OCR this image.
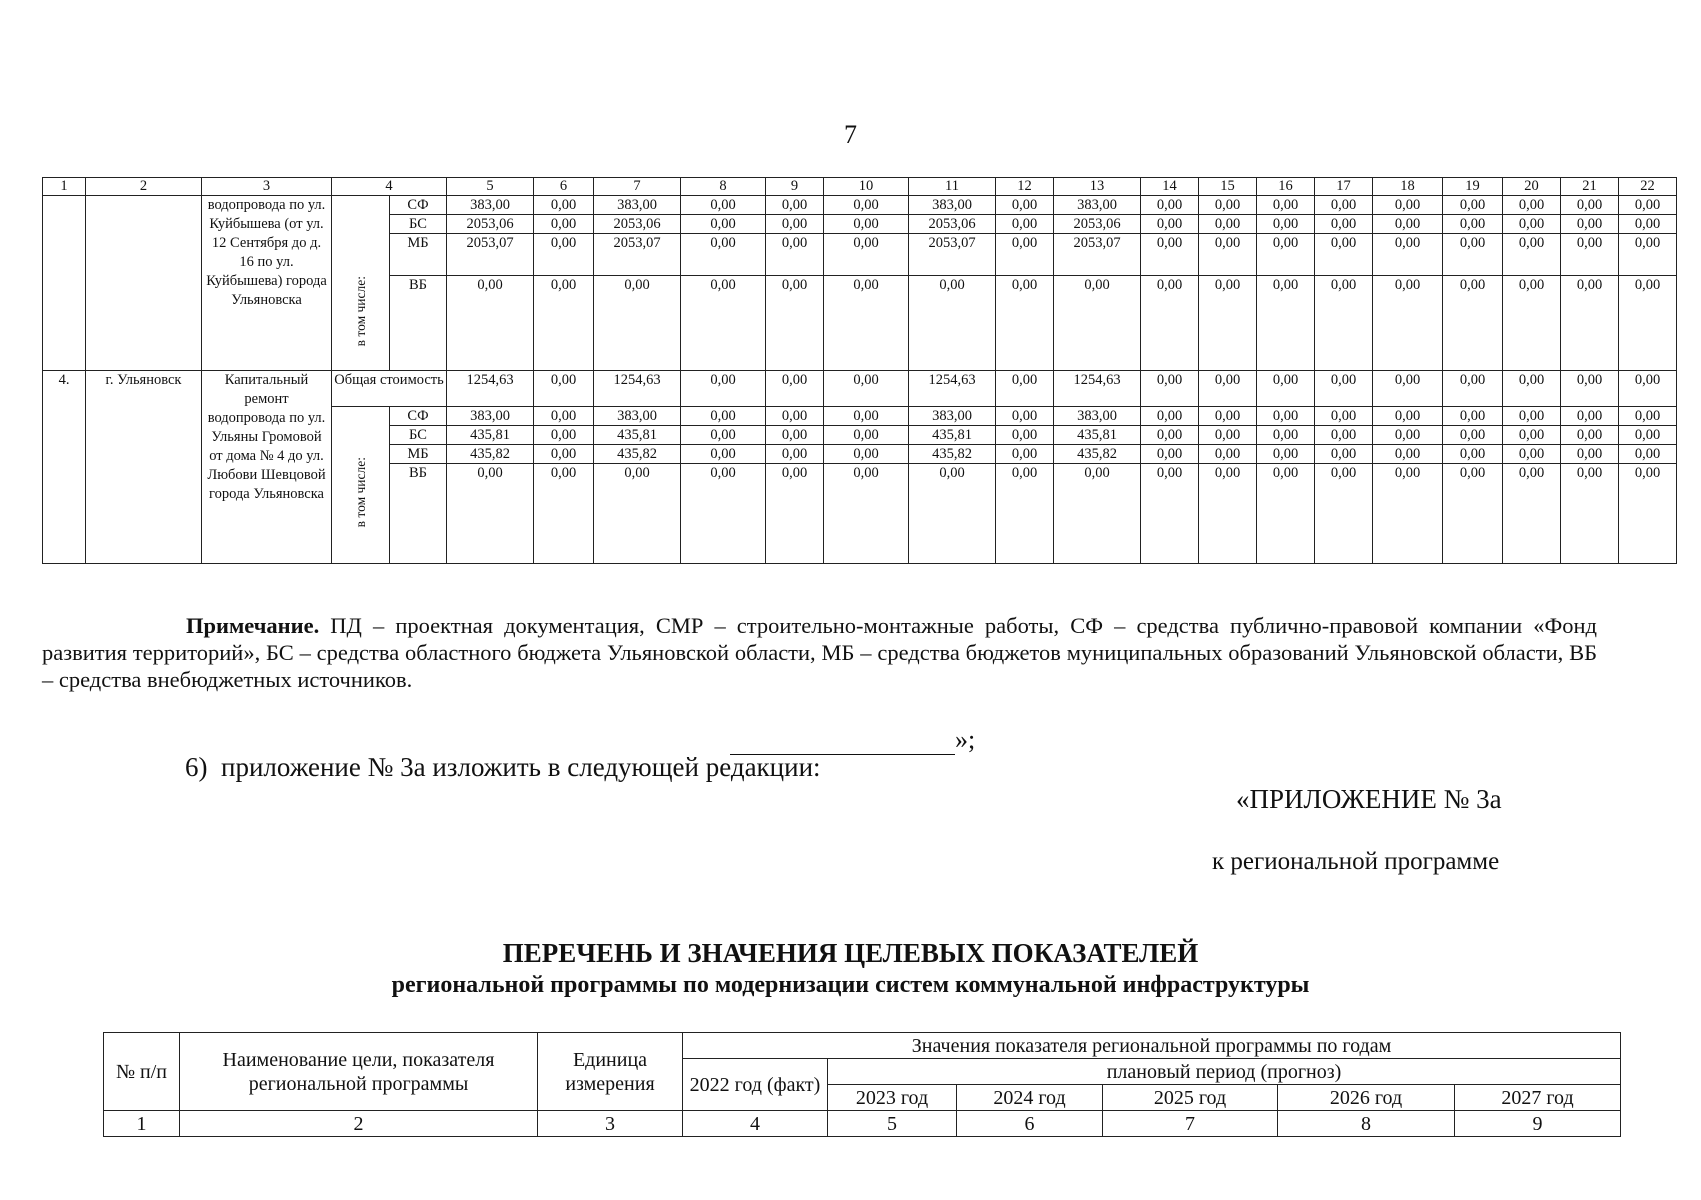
7
1	2	3	4		5	6	7	8	9	10	11	12	13	14	15	16	17	18	19	20	21	22
		водопровода по ул. Куйбышева (от ул. 12 Сентября до д. 16 по ул. Куйбышева) города Ульяновска	в том числе:	СФ	383,00	0,00	383,00	0,00	0,00	0,00	383,00	0,00	383,00	0,00	0,00	0,00	0,00	0,00	0,00	0,00	0,00	0,00
				БС	2053,06	0,00	2053,06	0,00	0,00	0,00	2053,06	0,00	2053,06	0,00	0,00	0,00	0,00	0,00	0,00	0,00	0,00	0,00
				МБ	2053,07	0,00	2053,07	0,00	0,00	0,00	2053,07	0,00	2053,07	0,00	0,00	0,00	0,00	0,00	0,00	0,00	0,00	0,00
				ВБ	0,00	0,00	0,00	0,00	0,00	0,00	0,00	0,00	0,00	0,00	0,00	0,00	0,00	0,00	0,00	0,00	0,00	0,00
4.	г. Ульяновск	Капитальный ремонт водопровода по ул. Ульяны Громовой от дома № 4 до ул. Любови Шевцовой города Ульяновска	Общая стоимость		1254,63	0,00	1254,63	0,00	0,00	0,00	1254,63	0,00	1254,63	0,00	0,00	0,00	0,00	0,00	0,00	0,00	0,00	0,00
			в том числе:	СФ	383,00	0,00	383,00	0,00	0,00	0,00	383,00	0,00	383,00	0,00	0,00	0,00	0,00	0,00	0,00	0,00	0,00	0,00
				БС	435,81	0,00	435,81	0,00	0,00	0,00	435,81	0,00	435,81	0,00	0,00	0,00	0,00	0,00	0,00	0,00	0,00	0,00
				МБ	435,82	0,00	435,82	0,00	0,00	0,00	435,82	0,00	435,82	0,00	0,00	0,00	0,00	0,00	0,00	0,00	0,00	0,00
				ВБ	0,00	0,00	0,00	0,00	0,00	0,00	0,00	0,00	0,00	0,00	0,00	0,00	0,00	0,00	0,00	0,00	0,00	0,00
Примечание. ПД – проектная документация, СМР – строительно-монтажные работы, СФ – средства публично-правовой компании «Фонд развития территорий», БС – средства областного бюджета Ульяновской области, МБ – средства бюджетов муниципальных образований Ульяновской области, ВБ – средства внебюджетных источников.
»;
6)  приложение № 3а изложить в следующей редакции:
«ПРИЛОЖЕНИЕ № 3а
к региональной программе
ПЕРЕЧЕНЬ И ЗНАЧЕНИЯ ЦЕЛЕВЫХ ПОКАЗАТЕЛЕЙ
региональной программы по модернизации систем коммунальной инфраструктуры
№ п/п	Наименование цели, показателя региональной программы	Единица измерения	Значения показателя региональной программы по годам					
			2022 год (факт)	плановый период (прогноз)				
				2023 год	2024 год	2025 год	2026 год	2027 год
1	2	3	4	5	6	7	8	9
